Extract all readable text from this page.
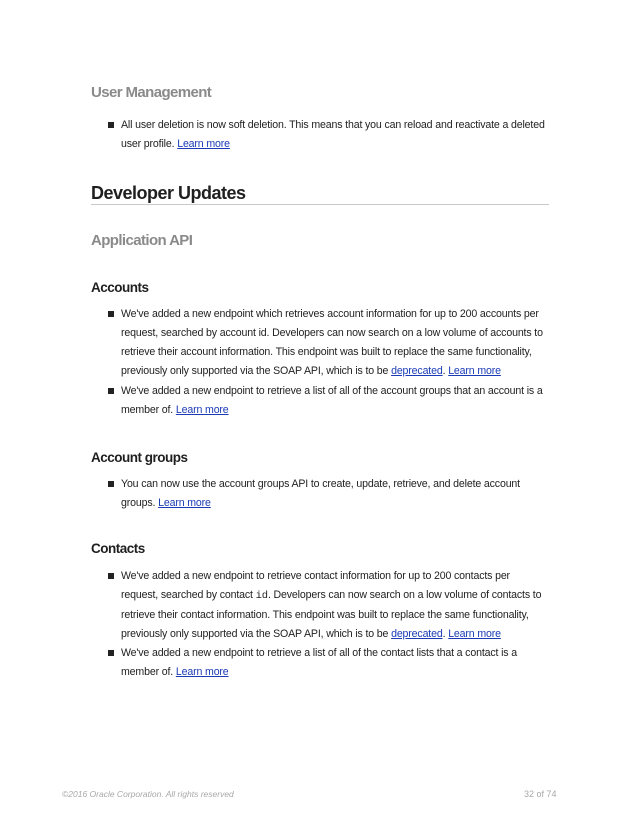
User Management
All user deletion is now soft deletion. This means that you can reload and reactivate a deleted user profile. Learn more
Developer Updates
Application API
Accounts
We've added a new endpoint which retrieves account information for up to 200 accounts per request, searched by account id. Developers can now search on a low volume of accounts to retrieve their account information. This endpoint was built to replace the same functionality, previously only supported via the SOAP API, which is to be deprecated. Learn more
We've added a new endpoint to retrieve a list of all of the account groups that an account is a member of. Learn more
Account groups
You can now use the account groups API to create, update, retrieve, and delete account groups. Learn more
Contacts
We've added a new endpoint to retrieve contact information for up to 200 contacts per request, searched by contact id. Developers can now search on a low volume of contacts to retrieve their contact information. This endpoint was built to replace the same functionality, previously only supported via the SOAP API, which is to be deprecated. Learn more
We've added a new endpoint to retrieve a list of all of the contact lists that a contact is a member of. Learn more
©2016 Oracle Corporation. All rights reserved	32 of 74
